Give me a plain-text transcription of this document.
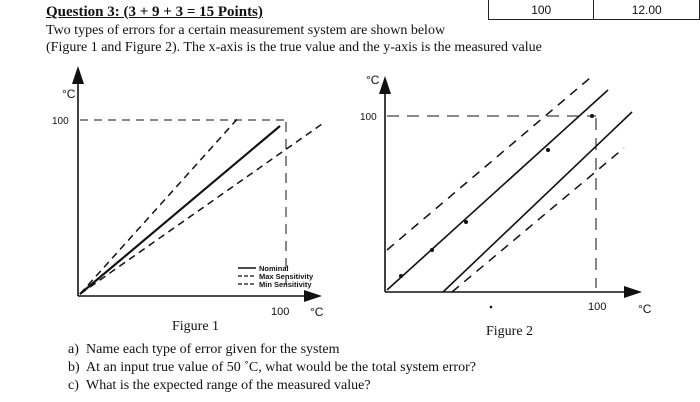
Question 3: (3 + 9 + 3 = 15 Points)
Two types of errors for a certain measurement system are shown below
(Figure 1 and Figure 2). The x-axis is the true value and the y-axis is the measured value
100	12.00
°C
100
100 °C
Nominal
Max Sensitivity
Min Sensitivity
°C
100
100	°C
Figure 1	Figure 2
a) Name each type of error given for the system
b) At an input true value of 50 ˚C, what would be the total system error?
c) What is the expected range of the measured value?
